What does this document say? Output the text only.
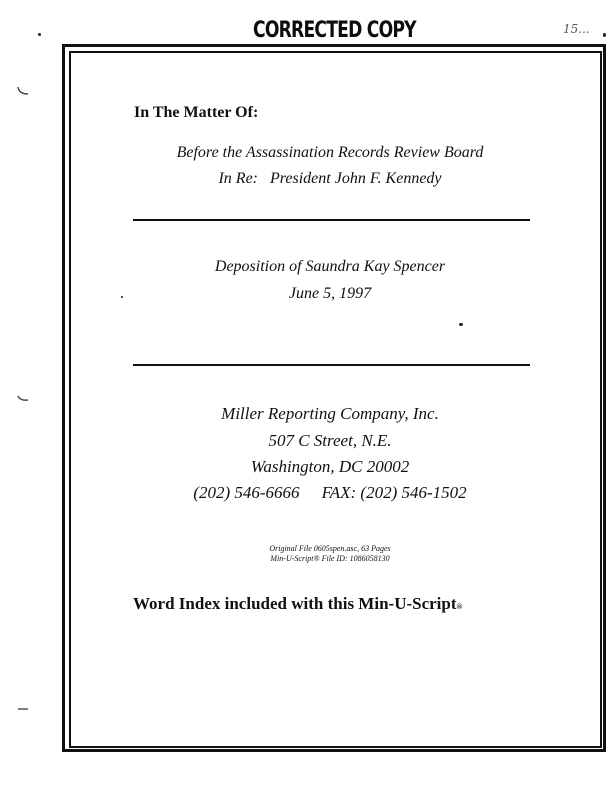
CORRECTED COPY	15...
In The Matter Of:
Before the Assassination Records Review Board
In Re: President John F. Kennedy
Deposition of Saundra Kay Spencer
June 5, 1997
Miller Reporting Company, Inc.
507 C Street, N.E.
Washington, DC 20002
(202) 546-6666 FAX: (202) 546-1502
Original File 0605spen.asc, 63 Pages
Min-U-Script® File ID: 1086058130
Word Index included with this Min-U-Script®
